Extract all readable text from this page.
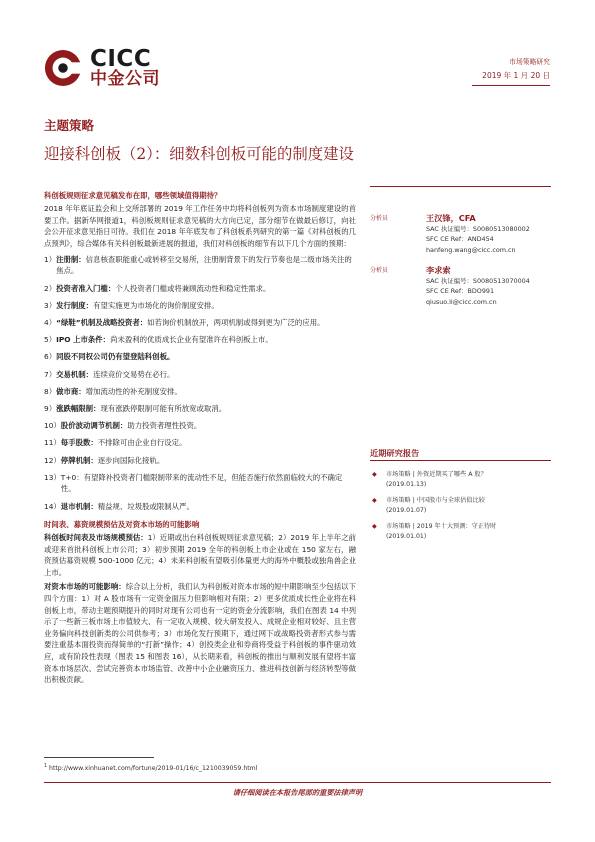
CICC
中金公司
市场策略研究
2019 年 1 月 20 日
主题策略
迎接科创板（2）：细数科创板可能的制度建设
科创板规则征求意见稿发布在即，哪些领域值得期待？
2018 年年底证监会和上交所部署的 2019 年工作任务中均将科创板列为资本市场制度建设的首要工作。据新华网报道1，科创板规则征求意见稿的大方向已定，部分细节在做最后修订，向社会公开征求意见指日可待。我们在 2018 年年底发布了科创板系列研究的第一篇《对科创板的几点预判》，综合媒体有关科创板最新进展的报道，我们对科创板的细节有以下几个方面的预期：
1） 注册制：信息核查职能重心或转移至交易所，注册制背景下的发行节奏也是二级市场关注的焦点。
2） 投资者准入门槛：个人投资者门槛或将兼顾流动性和稳定性需求。
3） 发行制度：有望实施更为市场化的询价制度安排。
4） “绿鞋”机制及战略投资者：如若询价机制放开，两项机制或得到更为广泛的应用。
5） IPO 上市条件：尚未盈利的优质成长企业有望准许在科创板上市。
6） 同股不同权公司仍有望登陆科创板。
7） 交易机制：连续竞价交易势在必行。
8） 做市商：增加流动性的补充制度安排。
9） 涨跌幅限制：现有涨跌停限制可能有所放宽或取消。
10） 股价波动调节机制：助力投资者理性投资。
11） 每手股数：不排除可由企业自行设定。
12） 停牌机制：逐步向国际化接轨。
13） T+0：有望降补投资者门槛限制带来的流动性不足，但能否施行依然面临较大的不确定性。
14） 退市机制：精益规、垃圾股或限制从严。
时间表、募资规模预估及对资本市场的可能影响
科创板时间表及市场规模预估：1）近期或出台科创板规则征求意见稿；2）2019 年上半年之前或迎来首批科创板上市公司；3）初步预期 2019 全年的科创板上市企业或在 150 家左右，融资预估募资规模 500-1000 亿元；4）未来科创板有望吸引体量更大的海外中概股或独角兽企业上市。
对资本市场的可能影响：综合以上分析，我们认为科创板对资本市场的短中期影响至少包括以下四个方面：1）对 A 股市场有一定资金面压力但影响相对有限；2）更多优质成长性企业将在科创板上市，带动主题预期提升的同时对现有公司也有一定的资金分流影响，我们在图表 14 中列示了一些新三板市场上市值较大、有一定收入规模、较大研发投入、成规企业相对较好、且主营业务偏向科技创新类的公司供参考；3）市场化发行预期下，通过网下或战略投资者形式参与需要注重基本面投资而得简单的“打新”操作；4）创投类企业和券商将受益于科创板的事件驱动效应，或有阶段性表现（图表 15 和图表 16），从长期来看，科创板的推出与顺利发展有望将丰富资本市场层次、尝试完善资本市场监管、改善中小企业融资压力、推进科技创新与经济转型等做出积极贡献。
分析员	王汉锋，CFA
SAC 执证编号：S0080513080002
SFC CE Ref：AND454
hanfeng.wang@cicc.com.cn
分析员	李求索
SAC 执证编号：S0080513070004
SFC CE Ref：BDO991
qiusuo.li@cicc.com.cn
近期研究报告
◆	市场策略 | 外资近期买了哪些 A 股？
(2019.01.13)
◆	市场策略 | 中国股市与全球估值比较
(2019.01.07)
◆	市场策略 | 2019 年十大预测：守正待时
(2019.01.01)
$^1$ http://www.xinhuanet.com/fortune/2019-01/16/c_1210039059.html
请仔细阅读在本报告尾部的重要法律声明
